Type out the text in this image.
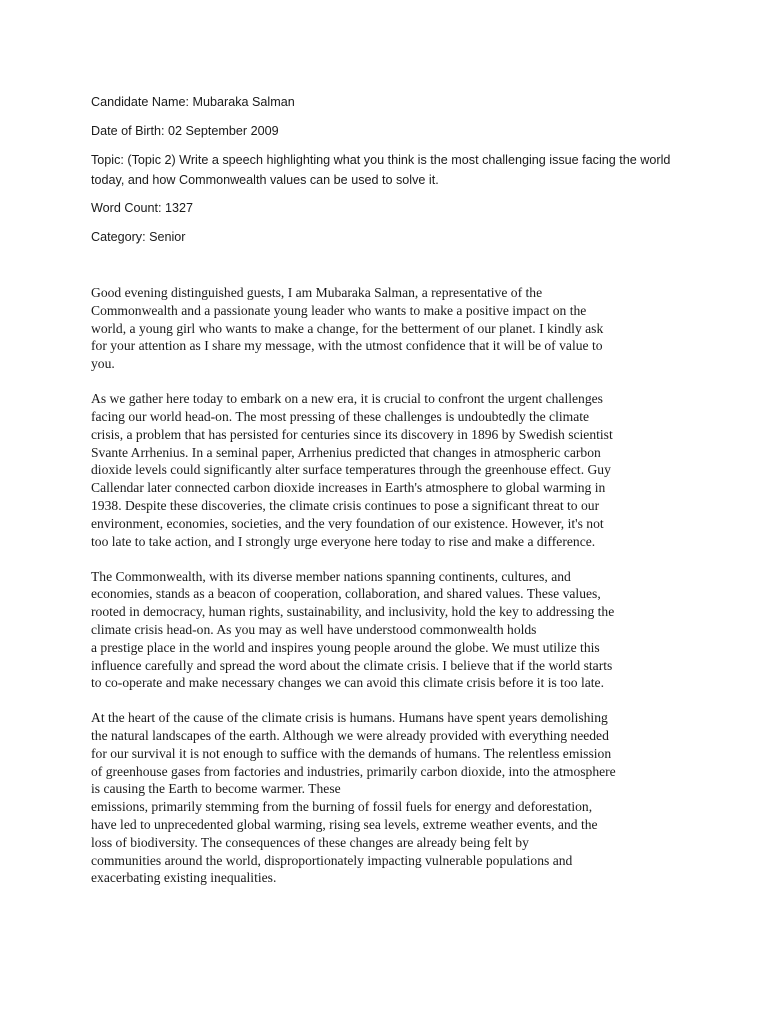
Candidate Name: Mubaraka Salman

Date of Birth: 02 September 2009

Topic: (Topic 2) Write a speech highlighting what you think is the most challenging issue facing the world
today, and how Commonwealth values can be used to solve it.

Word Count: 1327

Category: Senior

Good evening distinguished guests, I am Mubaraka Salman, a representative of the
Commonwealth and a passionate young leader who wants to make a positive impact on the
world, a young girl who wants to make a change, for the betterment of our planet. I kindly ask
for your attention as I share my message, with the utmost confidence that it will be of value to
you.

As we gather here today to embark on a new era, it is crucial to confront the urgent challenges
facing our world head-on. The most pressing of these challenges is undoubtedly the climate
crisis, a problem that has persisted for centuries since its discovery in 1896 by Swedish scientist
Svante Arrhenius. In a seminal paper, Arrhenius predicted that changes in atmospheric carbon
dioxide levels could significantly alter surface temperatures through the greenhouse effect. Guy
Callendar later connected carbon dioxide increases in Earth's atmosphere to global warming in
1938. Despite these discoveries, the climate crisis continues to pose a significant threat to our
environment, economies, societies, and the very foundation of our existence. However, it's not
too late to take action, and I strongly urge everyone here today to rise and make a difference.

The Commonwealth, with its diverse member nations spanning continents, cultures, and
economies, stands as a beacon of cooperation, collaboration, and shared values. These values,
rooted in democracy, human rights, sustainability, and inclusivity, hold the key to addressing the
climate crisis head-on. As you may as well have understood commonwealth holds
a prestige place in the world and inspires young people around the globe. We must utilize this
influence carefully and spread the word about the climate crisis. I believe that if the world starts
to co-operate and make necessary changes we can avoid this climate crisis before it is too late.

At the heart of the cause of the climate crisis is humans. Humans have spent years demolishing
the natural landscapes of the earth. Although we were already provided with everything needed
for our survival it is not enough to suffice with the demands of humans. The relentless emission
of greenhouse gases from factories and industries, primarily carbon dioxide, into the atmosphere
is causing the Earth to become warmer. These
emissions, primarily stemming from the burning of fossil fuels for energy and deforestation,
have led to unprecedented global warming, rising sea levels, extreme weather events, and the
loss of biodiversity. The consequences of these changes are already being felt by
communities around the world, disproportionately impacting vulnerable populations and
exacerbating existing inequalities.
